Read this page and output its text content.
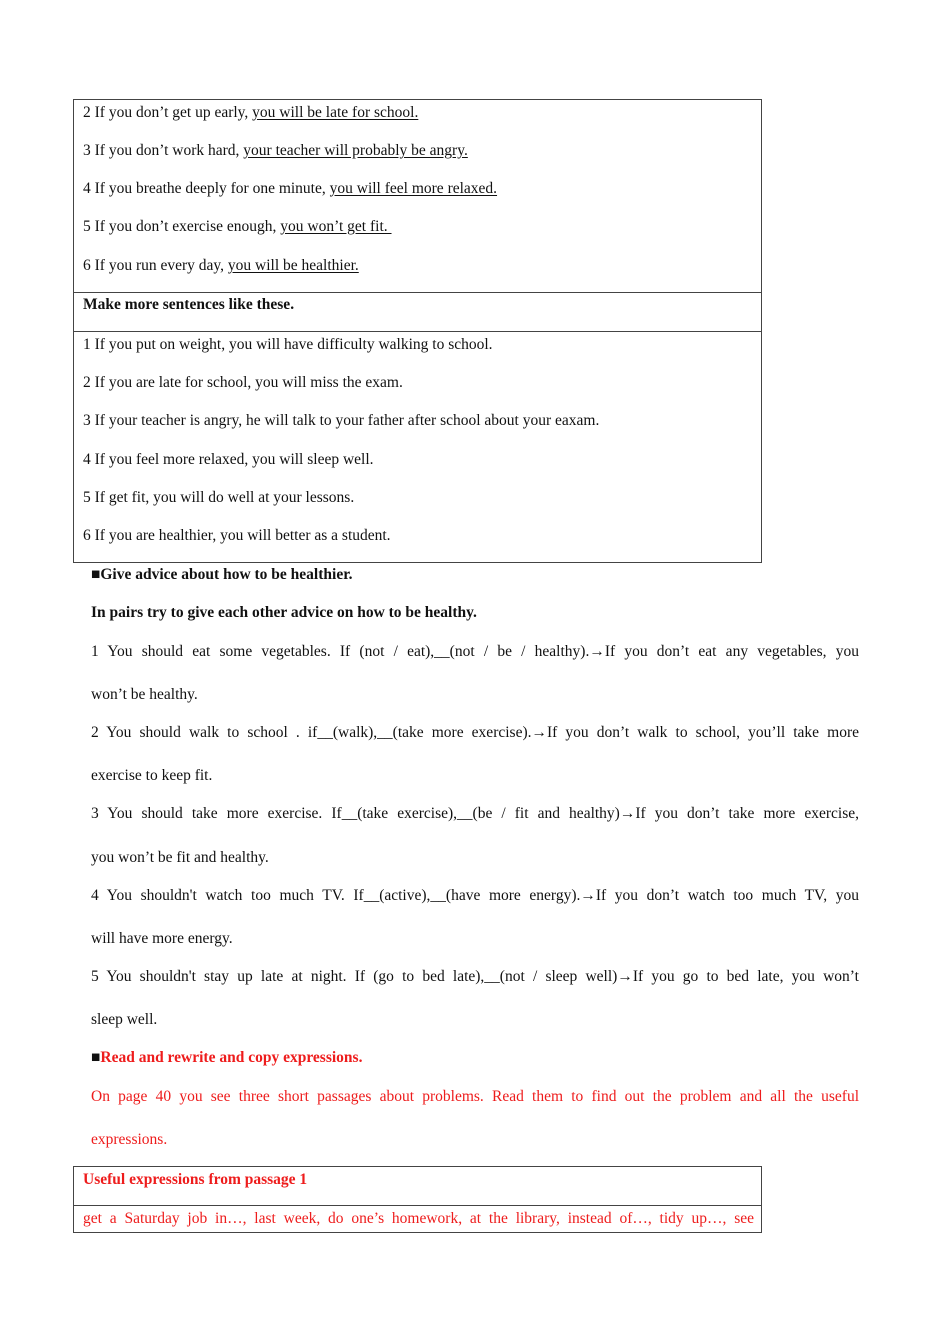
2 If you don’t get up early, you will be late for school.
3 If you don’t work hard, your teacher will probably be angry.
4 If you breathe deeply for one minute, you will feel more relaxed.
5 If you don’t exercise enough, you won’t get fit.
6 If you run every day, you will be healthier.
Make more sentences like these.
1 If you put on weight, you will have difficulty walking to school.
2 If you are late for school, you will miss the exam.
3 If your teacher is angry, he will talk to your father after school about your eaxam.
4 If you feel more relaxed, you will sleep well.
5 If get fit, you will do well at your lessons.
6 If you are healthier, you will better as a student.
■Give advice about how to be healthier.
In pairs try to give each other advice on how to be healthy.
1 You should eat some vegetables. If (not / eat),__(not / be / healthy).→If you don’t eat any vegetables, you
won’t be healthy.
2 You should walk to school . if__(walk),__(take more exercise).→If you don’t walk to school, you’ll take more
exercise to keep fit.
3 You should take more exercise. If__(take exercise),__(be / fit and healthy)→If you don’t take more exercise,
you won’t be fit and healthy.
4 You shouldn't watch too much TV. If__(active),__(have more energy).→If you don’t watch too much TV, you
will have more energy.
5 You shouldn't stay up late at night. If (go to bed late),__(not / sleep well)→If you go to bed late, you won’t
sleep well.
■Read and rewrite and copy expressions.
On page 40 you see three short passages about problems. Read them to find out the problem and all the useful
expressions.
Useful expressions from passage 1
get a Saturday job in…, last week, do one’s homework, at the library, instead of…, tidy up…, see
